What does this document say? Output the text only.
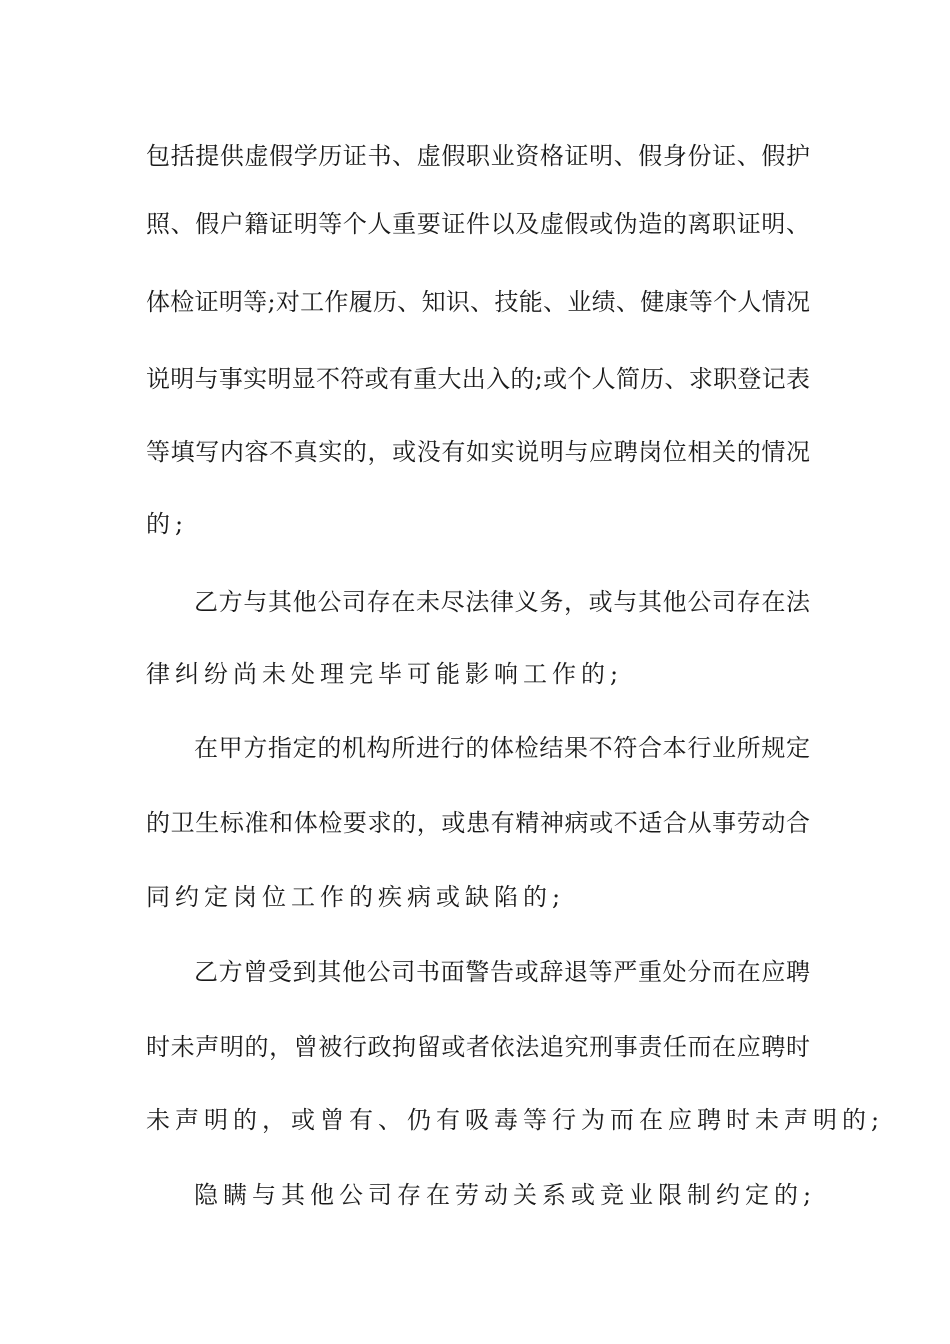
包括提供虚假学历证书、虚假职业资格证明、假身份证、假护
照、假户籍证明等个人重要证件以及虚假或伪造的离职证明、
体检证明等;对工作履历、知识、技能、业绩、健康等个人情况
说明与事实明显不符或有重大出入的;或个人简历、求职登记表
等填写内容不真实的，或没有如实说明与应聘岗位相关的情况
的;
乙方与其他公司存在未尽法律义务，或与其他公司存在法
律纠纷尚未处理完毕可能影响工作的;
在甲方指定的机构所进行的体检结果不符合本行业所规定
的卫生标准和体检要求的，或患有精神病或不适合从事劳动合
同约定岗位工作的疾病或缺陷的;
乙方曾受到其他公司书面警告或辞退等严重处分而在应聘
时未声明的，曾被行政拘留或者依法追究刑事责任而在应聘时
未声明的，或曾有、仍有吸毒等行为而在应聘时未声明的;
隐瞒与其他公司存在劳动关系或竞业限制约定的;
